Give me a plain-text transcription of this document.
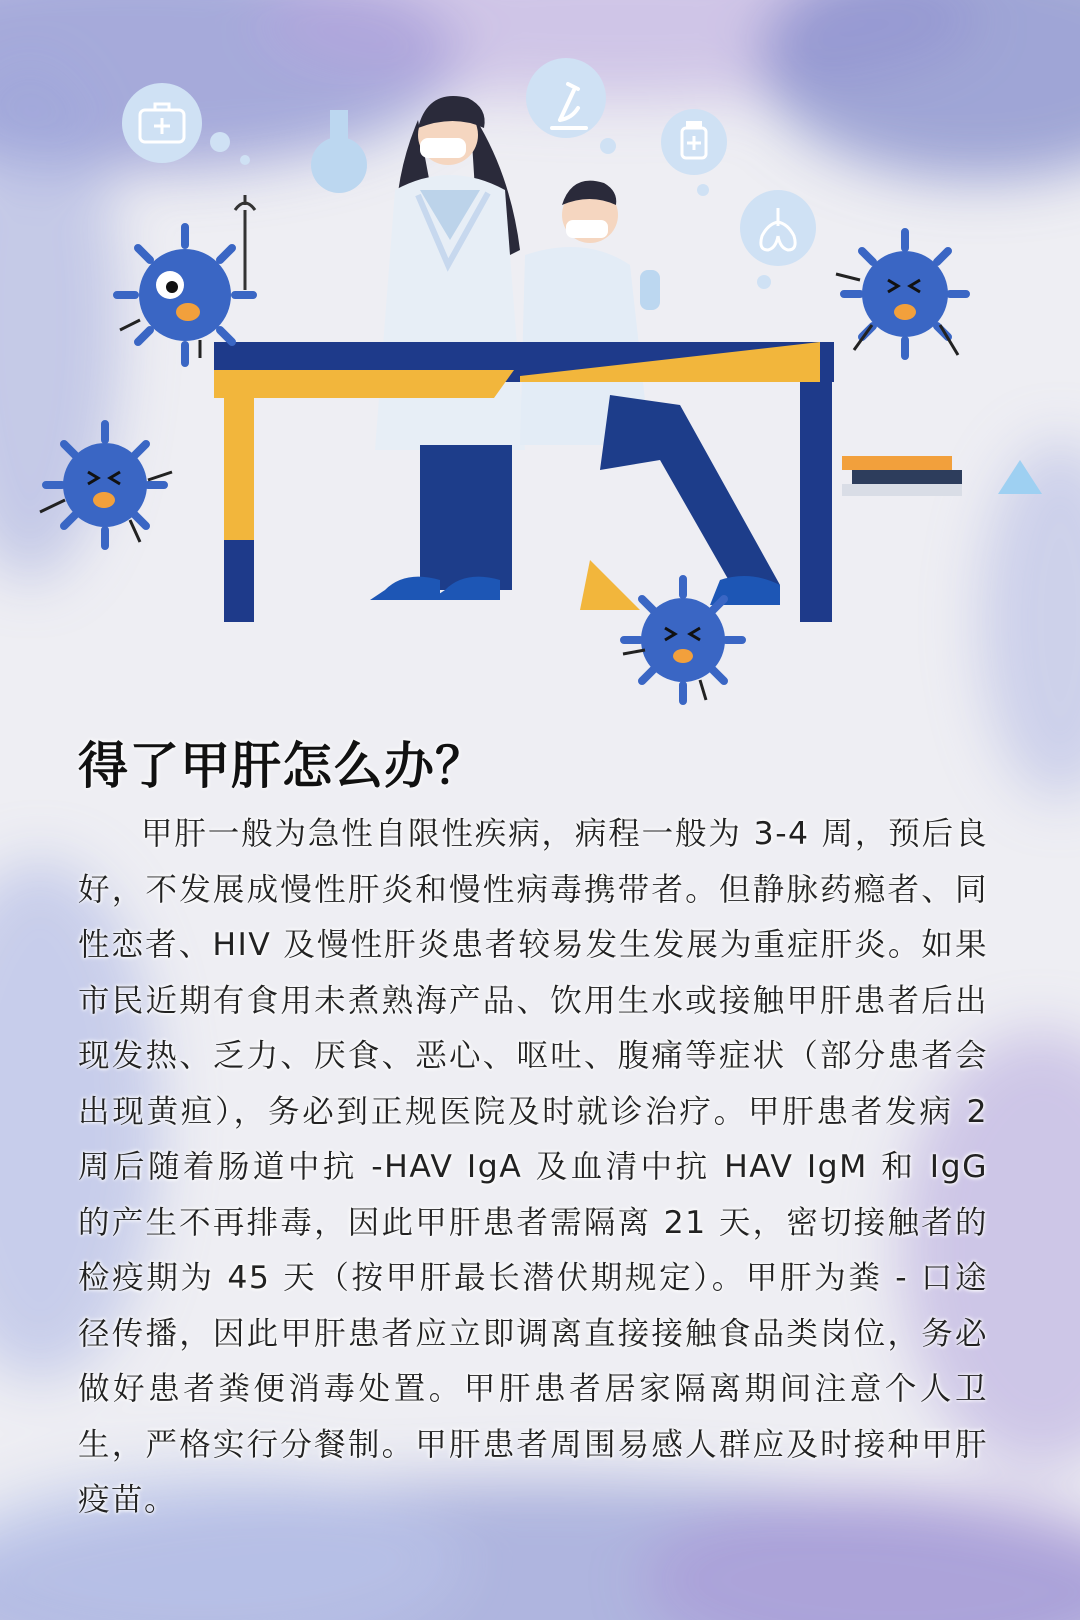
得了甲肝怎么办？

甲肝一般为急性自限性疾病，病程一般为 3-4 周，预后良好，不发展成慢性肝炎和慢性病毒携带者。但静脉药瘾者、同性恋者、HIV 及慢性肝炎患者较易发生发展为重症肝炎。如果市民近期有食用未煮熟海产品、饮用生水或接触甲肝患者后出现发热、乏力、厌食、恶心、呕吐、腹痛等症状（部分患者会出现黄疸），务必到正规医院及时就诊治疗。甲肝患者发病 2 周后随着肠道中抗 -HAV IgA 及血清中抗 HAV IgM 和 IgG 的产生不再排毒，因此甲肝患者需隔离 21 天，密切接触者的检疫期为 45 天（按甲肝最长潜伏期规定）。甲肝为粪 - 口途径传播，因此甲肝患者应立即调离直接接触食品类岗位，务必做好患者粪便消毒处置。甲肝患者居家隔离期间注意个人卫生，严格实行分餐制。甲肝患者周围易感人群应及时接种甲肝疫苗。
